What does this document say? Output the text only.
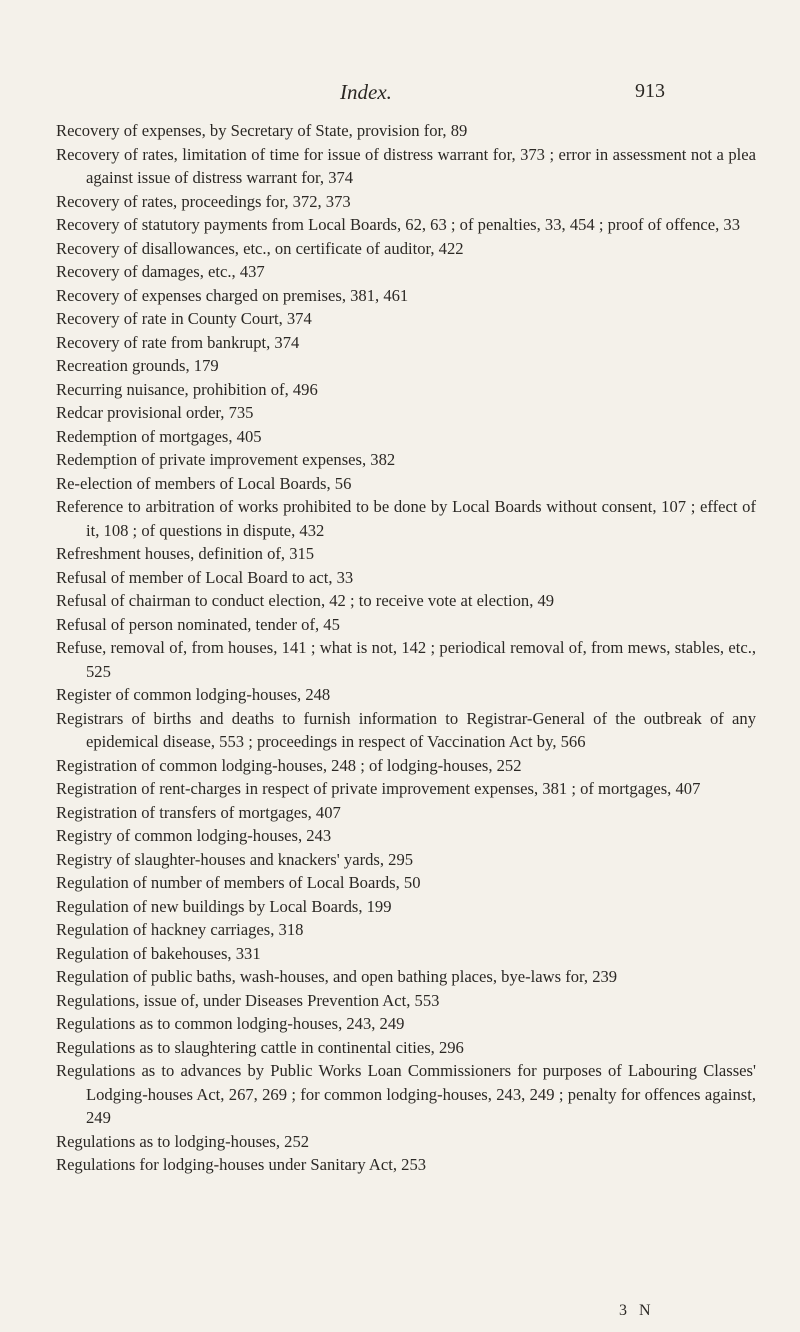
Index.	913

Recovery of expenses, by Secretary of State, provision for, 89

Recovery of rates, limitation of time for issue of distress warrant for, 373 ; error in assessment not a plea against issue of distress warrant for, 374

Recovery of rates, proceedings for, 372, 373

Recovery of statutory payments from Local Boards, 62, 63 ; of penalties, 33, 454 ; proof of offence, 33

Recovery of disallowances, etc., on certificate of auditor, 422

Recovery of damages, etc., 437

Recovery of expenses charged on premises, 381, 461

Recovery of rate in County Court, 374

Recovery of rate from bankrupt, 374

Recreation grounds, 179

Recurring nuisance, prohibition of, 496

Redcar provisional order, 735

Redemption of mortgages, 405

Redemption of private improvement expenses, 382

Re-election of members of Local Boards, 56

Reference to arbitration of works prohibited to be done by Local Boards without consent, 107 ; effect of it, 108 ; of questions in dispute, 432

Refreshment houses, definition of, 315

Refusal of member of Local Board to act, 33

Refusal of chairman to conduct election, 42 ; to receive vote at election, 49

Refusal of person nominated, tender of, 45

Refuse, removal of, from houses, 141 ; what is not, 142 ; periodical removal of, from mews, stables, etc., 525

Register of common lodging-houses, 248

Registrars of births and deaths to furnish information to Registrar-General of the outbreak of any epidemical disease, 553 ; proceedings in respect of Vaccination Act by, 566

Registration of common lodging-houses, 248 ; of lodging-houses, 252

Registration of rent-charges in respect of private improvement expenses, 381 ; of mortgages, 407

Registration of transfers of mortgages, 407

Registry of common lodging-houses, 243

Registry of slaughter-houses and knackers' yards, 295

Regulation of number of members of Local Boards, 50

Regulation of new buildings by Local Boards, 199

Regulation of hackney carriages, 318

Regulation of bakehouses, 331

Regulation of public baths, wash-houses, and open bathing places, bye-laws for, 239

Regulations, issue of, under Diseases Prevention Act, 553

Regulations as to common lodging-houses, 243, 249

Regulations as to slaughtering cattle in continental cities, 296

Regulations as to advances by Public Works Loan Commissioners for purposes of Labouring Classes' Lodging-houses Act, 267, 269 ; for common lodging-houses, 243, 249 ; penalty for offences against, 249

Regulations as to lodging-houses, 252

Regulations for lodging-houses under Sanitary Act, 253

3 N
